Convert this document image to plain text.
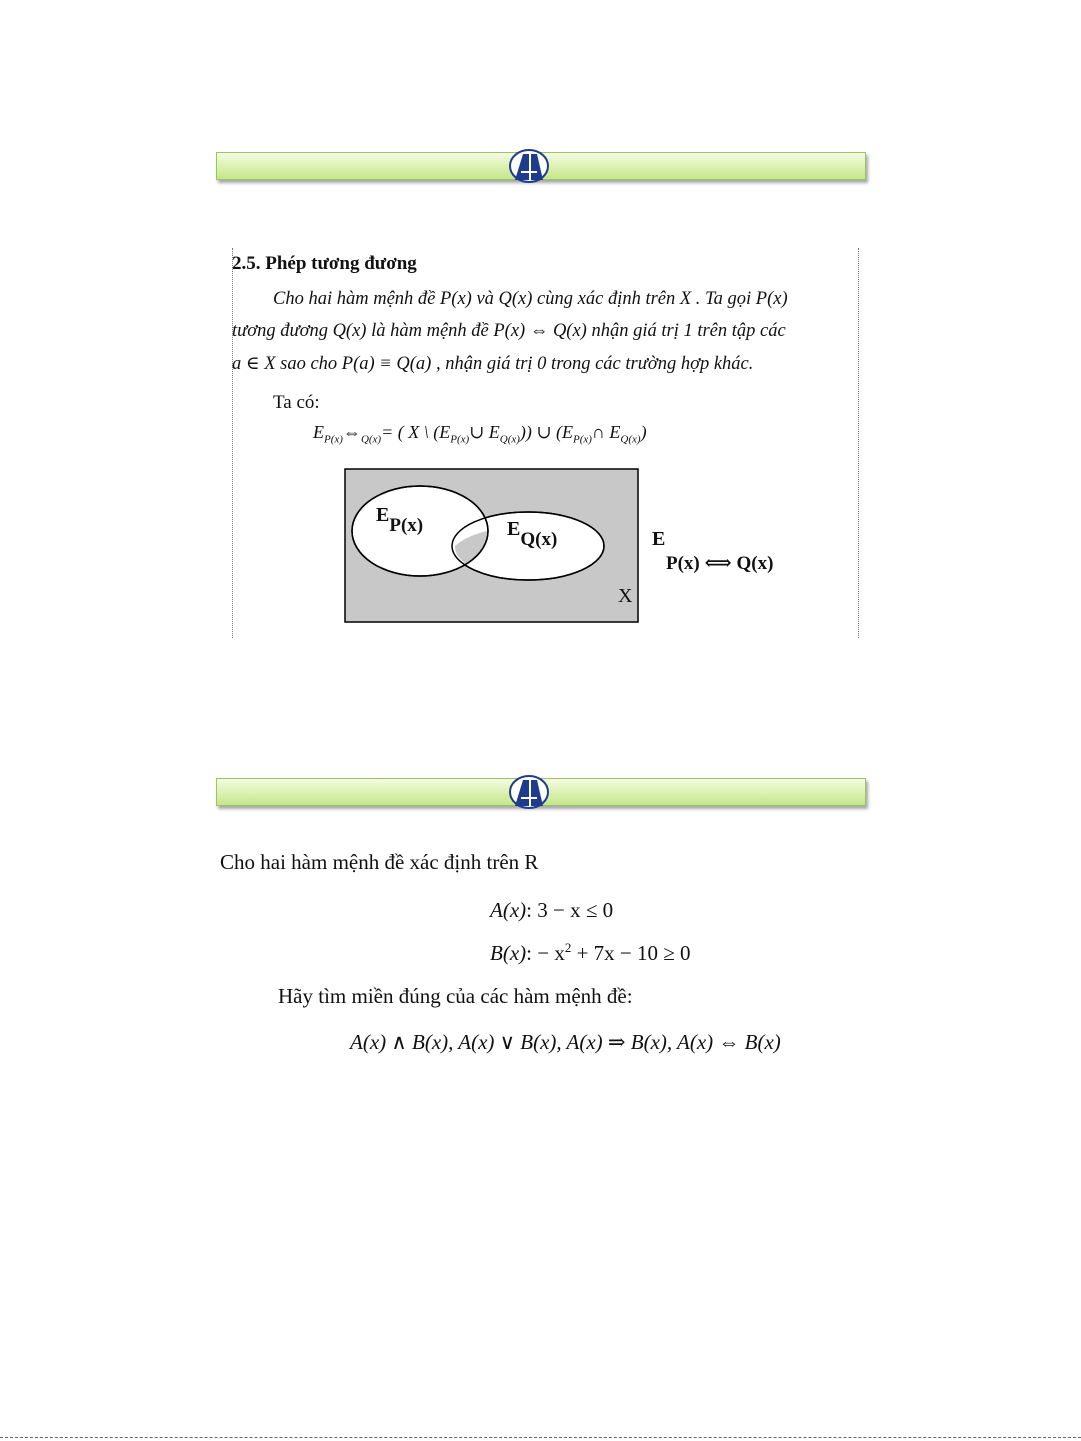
2.5. Phép tương đương
Cho hai hàm mệnh đề P(x) và Q(x) cùng xác định trên X . Ta gọi P(x)
tương đương Q(x) là hàm mệnh đề P(x) ⇔ Q(x) nhận giá trị 1 trên tập các
a ∈ X sao cho P(a) ≡ Q(a) , nhận giá trị 0 trong các trường hợp khác.
Ta có:
$E_{P(x)}\Leftrightarrow_{Q(x)}=$ ( X \ ($E_{P(x)}\cup$ $E_{Q(x)}$)) ∪ ($E_{P(x)}\cap$ $E_{Q(x)}$)
EP(x)	EQ(x)
X
E
P(x) ⟺ Q(x)
Cho hai hàm mệnh đề xác định trên R
A(x): 3 − x ≤ 0
B(x): − $x^2 + 7x - 10 \ge 0$
Hãy tìm miền đúng của các hàm mệnh đề:
A(x) ∧ B(x), A(x) ∨ B(x), A(x) ⇒ B(x), A(x) ⇔ B(x)
